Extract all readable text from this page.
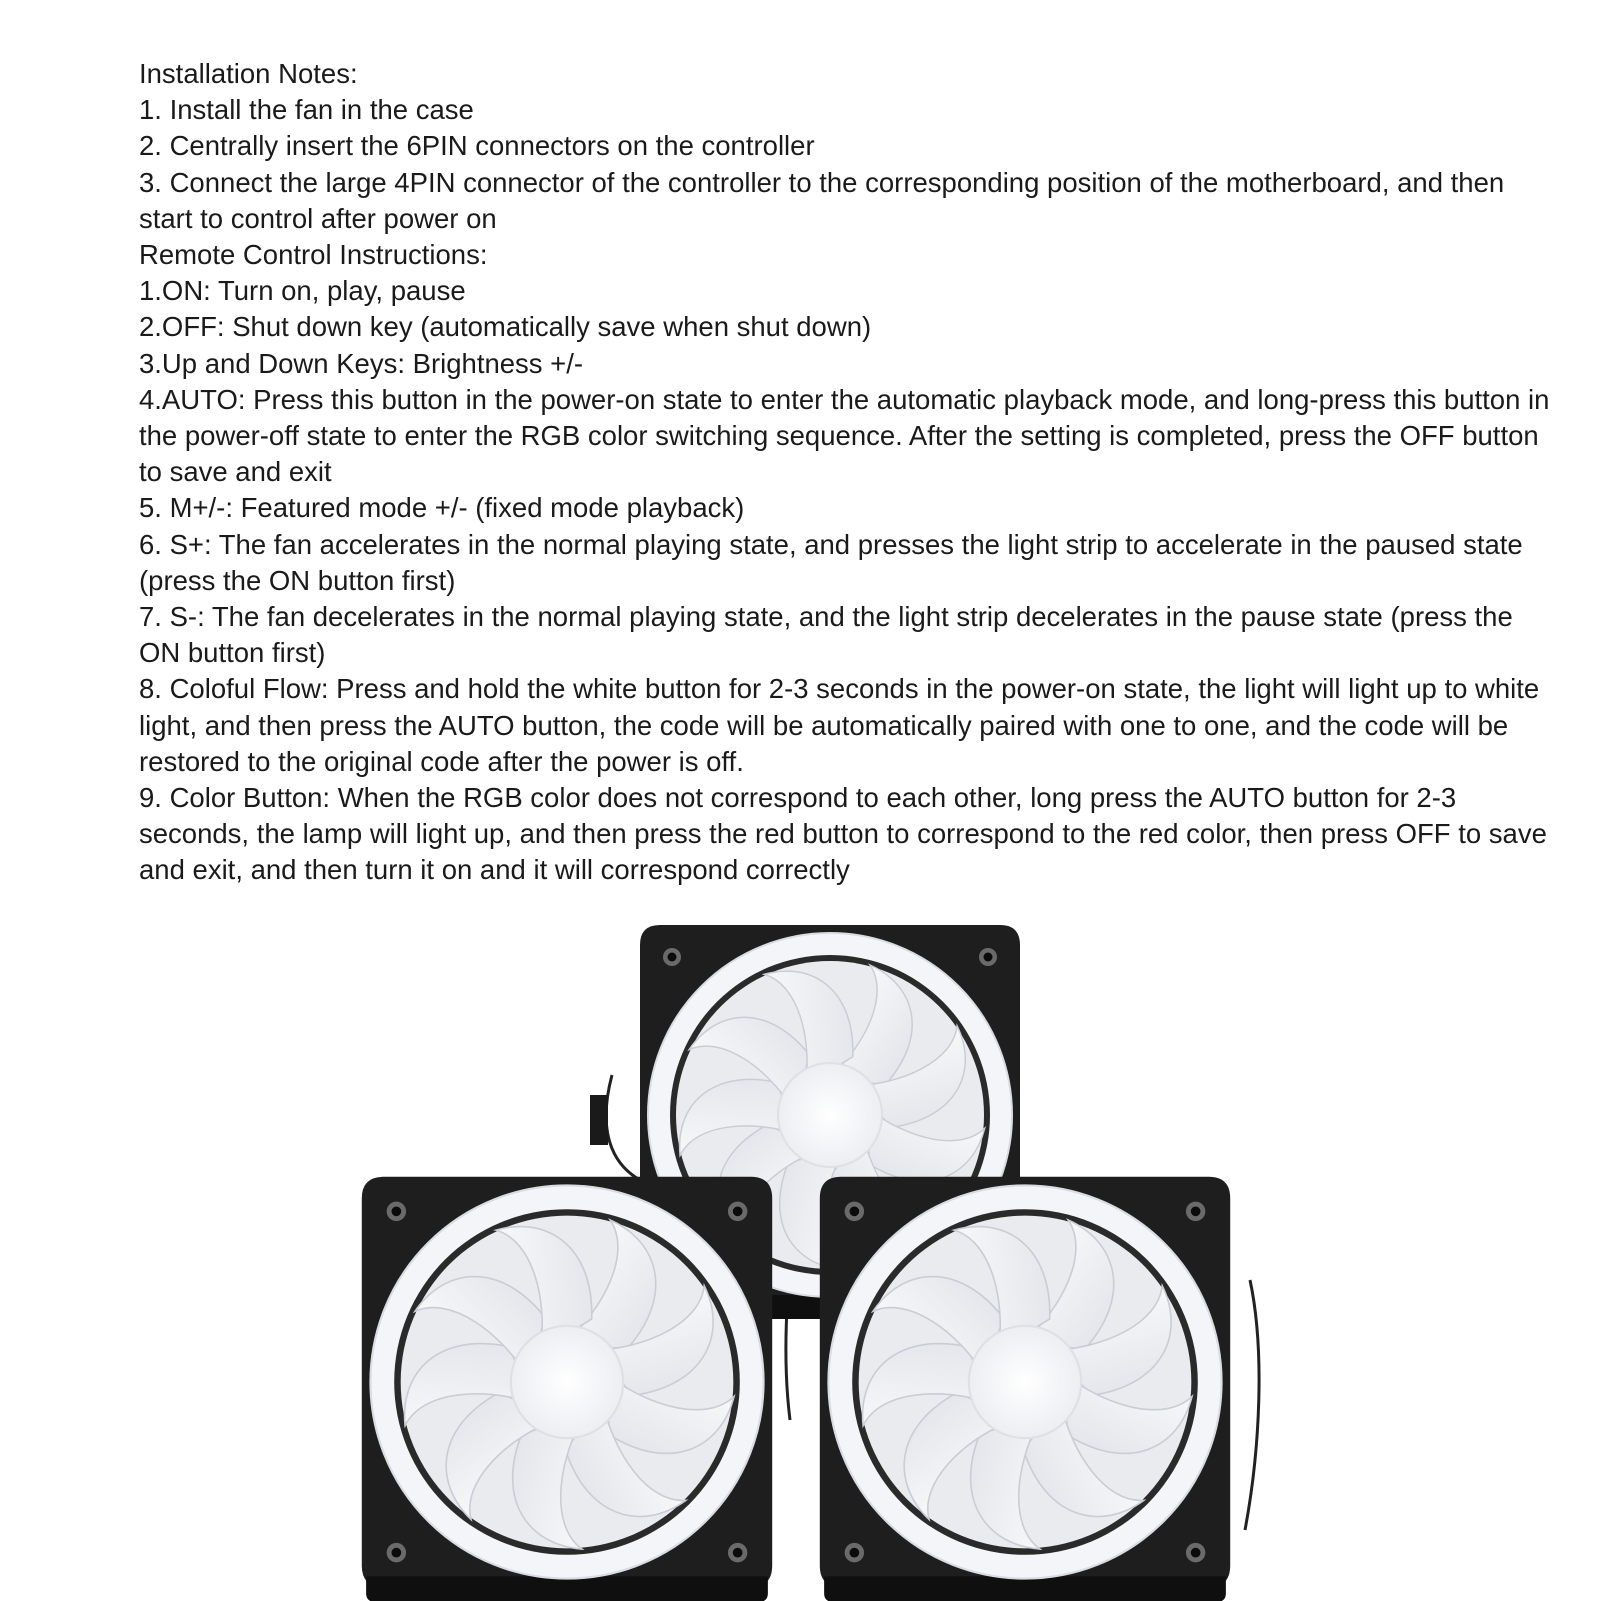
Installation Notes:
1. Install the fan in the case
2. Centrally insert the 6PIN connectors on the controller
3. Connect the large 4PIN connector of the controller to the corresponding position of the motherboard, and then start to control after power on
Remote Control Instructions:
1.ON: Turn on, play, pause
2.OFF: Shut down key (automatically save when shut down)
3.Up and Down Keys: Brightness +/-
4.AUTO: Press this button in the power-on state to enter the automatic playback mode, and long-press this button in the power-off state to enter the RGB color switching sequence. After the setting is completed, press the OFF button to save and exit
5. M+/-: Featured mode +/- (fixed mode playback)
6. S+: The fan accelerates in the normal playing state, and presses the light strip to accelerate in the paused state (press the ON button first)
7. S-: The fan decelerates in the normal playing state, and the light strip decelerates in the pause state (press the ON button first)
8. Coloful Flow: Press and hold the white button for 2-3 seconds in the power-on state, the light will light up to white light, and then press the AUTO button, the code will be automatically paired with one to one, and the code will be restored to the original code after the power is off.
9. Color Button: When the RGB color does not correspond to each other, long press the AUTO button for 2-3 seconds, the lamp will light up, and then press the red button to correspond to the red color, then press OFF to save and exit, and then turn it on and it will correspond correctly
